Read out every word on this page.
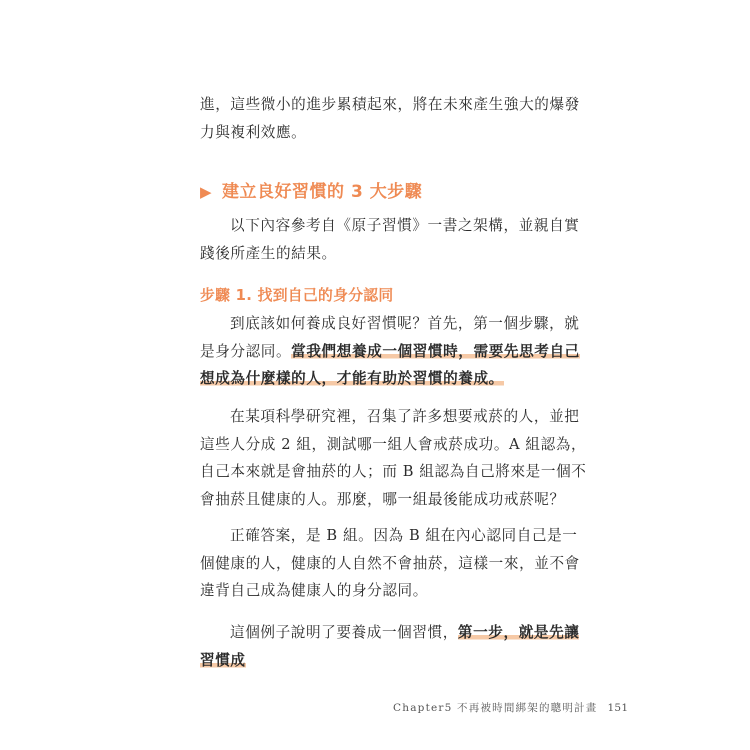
進，這些微小的進步累積起來，將在未來產生強大的爆發力與複利效應。

▶ 建立良好習慣的 3 大步驟

以下內容參考自《原子習慣》一書之架構，並親自實踐後所產生的結果。

步驟 1. 找到自己的身分認同

到底該如何養成良好習慣呢？首先，第一個步驟，就是身分認同。當我們想養成一個習慣時，需要先思考自己想成為什麼樣的人，才能有助於習慣的養成。

在某項科學研究裡，召集了許多想要戒菸的人，並把這些人分成 2 組，測試哪一組人會戒菸成功。A 組認為，自己本來就是會抽菸的人；而 B 組認為自己將來是一個不會抽菸且健康的人。那麼，哪一組最後能成功戒菸呢？

正確答案，是 B 組。因為 B 組在內心認同自己是一個健康的人，健康的人自然不會抽菸，這樣一來，並不會違背自己成為健康人的身分認同。

這個例子說明了要養成一個習慣，第一步，就是先讓習慣成

Chapter5 不再被時間綁架的聰明計畫 151
